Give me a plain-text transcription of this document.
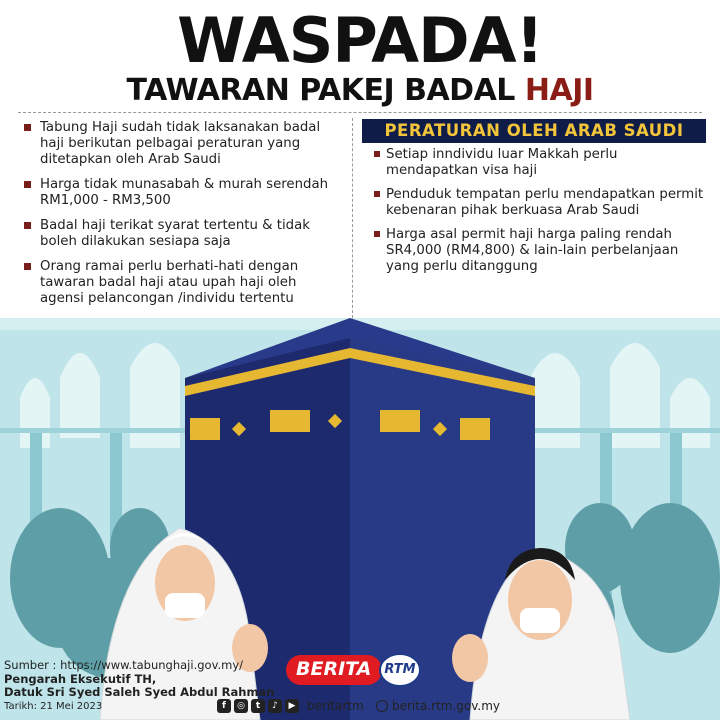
WASPADA!
TAWARAN PAKEJ BADAL HAJI
Tabung Haji sudah tidak laksanakan badal haji berikutan pelbagai peraturan yang ditetapkan oleh Arab Saudi
Harga tidak munasabah & murah serendah RM1,000 - RM3,500
Badal haji terikat syarat tertentu & tidak boleh dilakukan sesiapa saja
Orang ramai perlu berhati-hati dengan tawaran badal haji atau upah haji oleh agensi pelancongan /individu tertentu
PERATURAN OLEH ARAB SAUDI
Setiap inndividu luar Makkah perlu mendapatkan visa haji
Penduduk tempatan perlu mendapatkan permit kebenaran pihak berkuasa Arab Saudi
Harga asal permit haji harga paling rendah SR4,000 (RM4,800) & lain-lain perbelanjaan yang perlu ditanggung
Sumber : https://www.tabunghaji.gov.my/
Pengarah Eksekutif TH,
Datuk Sri Syed Saleh Syed Abdul Rahman
Tarikh: 21 Mei 2023
BERITA RTM
f	◎	t	♪	▶ beritartm	berita.rtm.gov.my
